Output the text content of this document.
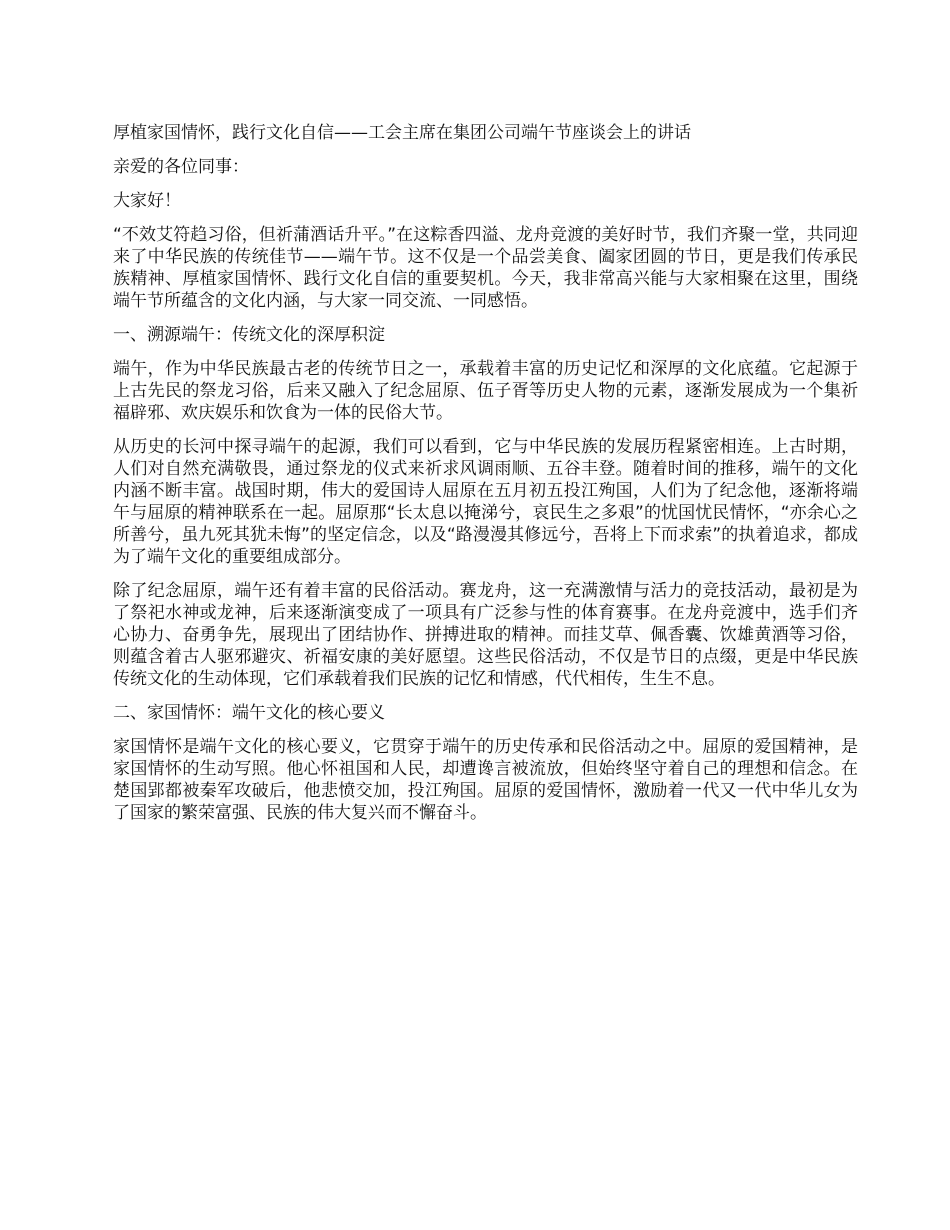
厚植家国情怀，践行文化自信——工会主席在集团公司端午节座谈会上的讲话

亲爱的各位同事：

大家好！

“不效艾符趋习俗，但祈蒲酒话升平。”在这粽香四溢、龙舟竞渡的美好时节，我们齐聚一堂，共同迎来了中华民族的传统佳节——端午节。这不仅是一个品尝美食、阖家团圆的节日，更是我们传承民族精神、厚植家国情怀、践行文化自信的重要契机。今天，我非常高兴能与大家相聚在这里，围绕端午节所蕴含的文化内涵，与大家一同交流、一同感悟。

一、溯源端午：传统文化的深厚积淀

端午，作为中华民族最古老的传统节日之一，承载着丰富的历史记忆和深厚的文化底蕴。它起源于上古先民的祭龙习俗，后来又融入了纪念屈原、伍子胥等历史人物的元素，逐渐发展成为一个集祈福辟邪、欢庆娱乐和饮食为一体的民俗大节。

从历史的长河中探寻端午的起源，我们可以看到，它与中华民族的发展历程紧密相连。上古时期，人们对自然充满敬畏，通过祭龙的仪式来祈求风调雨顺、五谷丰登。随着时间的推移，端午的文化内涵不断丰富。战国时期，伟大的爱国诗人屈原在五月初五投江殉国，人们为了纪念他，逐渐将端午与屈原的精神联系在一起。屈原那“长太息以掩涕兮，哀民生之多艰”的忧国忧民情怀，“亦余心之所善兮，虽九死其犹未悔”的坚定信念，以及“路漫漫其修远兮，吾将上下而求索”的执着追求，都成为了端午文化的重要组成部分。

除了纪念屈原，端午还有着丰富的民俗活动。赛龙舟，这一充满激情与活力的竞技活动，最初是为了祭祀水神或龙神，后来逐渐演变成了一项具有广泛参与性的体育赛事。在龙舟竞渡中，选手们齐心协力、奋勇争先，展现出了团结协作、拼搏进取的精神。而挂艾草、佩香囊、饮雄黄酒等习俗，则蕴含着古人驱邪避灾、祈福安康的美好愿望。这些民俗活动，不仅是节日的点缀，更是中华民族传统文化的生动体现，它们承载着我们民族的记忆和情感，代代相传，生生不息。

二、家国情怀：端午文化的核心要义

家国情怀是端午文化的核心要义，它贯穿于端午的历史传承和民俗活动之中。屈原的爱国精神，是家国情怀的生动写照。他心怀祖国和人民，却遭谗言被流放，但始终坚守着自己的理想和信念。在楚国郢都被秦军攻破后，他悲愤交加，投江殉国。屈原的爱国情怀，激励着一代又一代中华儿女为了国家的繁荣富强、民族的伟大复兴而不懈奋斗。
